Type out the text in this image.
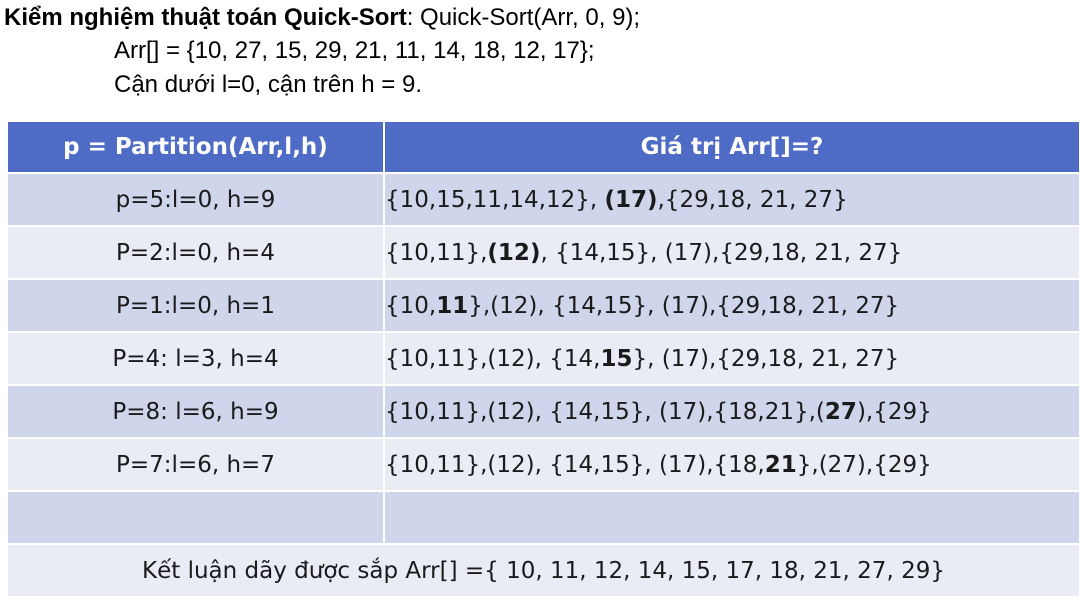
Kiểm nghiệm thuật toán Quick-Sort: Quick-Sort(Arr, 0, 9);
Arr[] = {10, 27, 15, 29, 21, 11, 14, 18, 12, 17};
Cận dưới l=0, cận trên h = 9.
p = Partition(Arr,l,h)	Giá trị Arr[]=?
p=5:l=0, h=9	{10,15,11,14,12}, (17),{29,18, 21, 27}
P=2:l=0, h=4	{10,11},(12), {14,15}, (17),{29,18, 21, 27}
P=1:l=0, h=1	{10,11},(12), {14,15}, (17),{29,18, 21, 27}
P=4: l=3, h=4	{10,11},(12), {14,15}, (17),{29,18, 21, 27}
P=8: l=6, h=9	{10,11},(12), {14,15}, (17),{18,21},(27),{29}
P=7:l=6, h=7	{10,11},(12), {14,15}, (17),{18,21},(27),{29}

Kết luận dãy được sắp Arr[] ={ 10, 11, 12, 14, 15, 17, 18, 21, 27, 29}	
